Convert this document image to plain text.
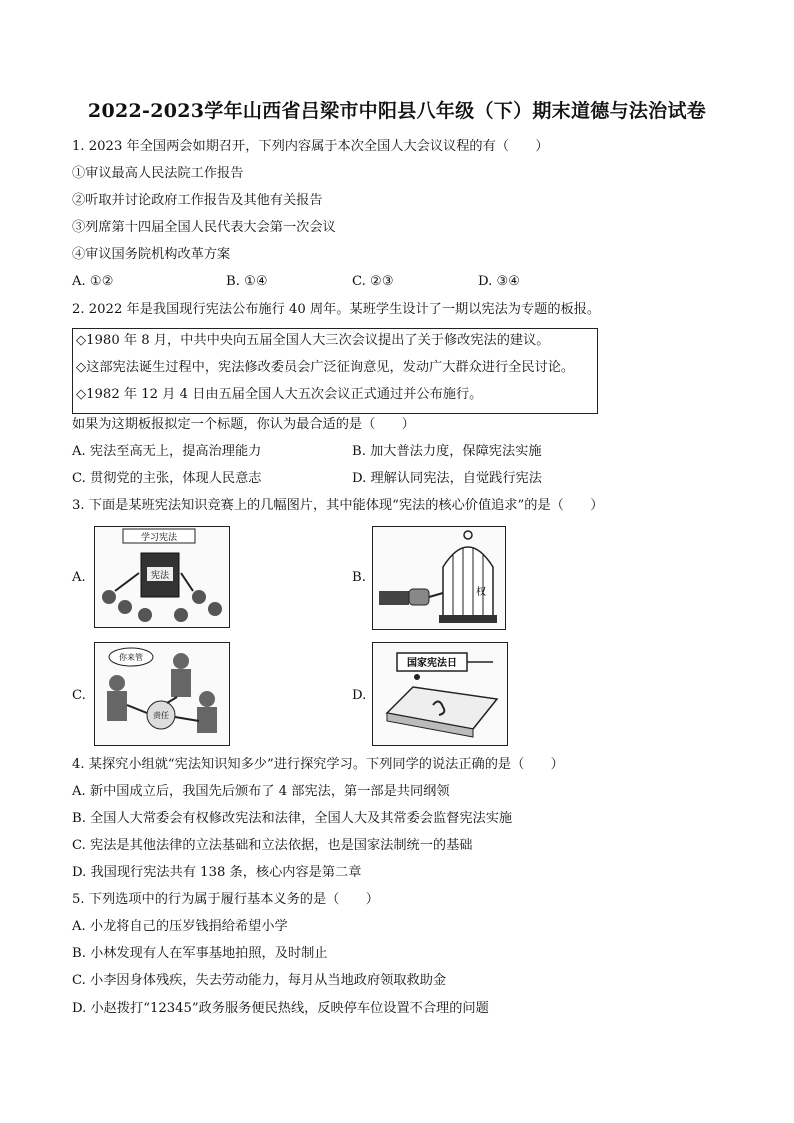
2022-2023学年山西省吕梁市中阳县八年级（下）期末道德与法治试卷
1. 2023 年全国两会如期召开，下列内容属于本次全国人大会议议程的有（　　）
①审议最高人民法院工作报告
②听取并讨论政府工作报告及其他有关报告
③列席第十四届全国人民代表大会第一次会议
④审议国务院机构改革方案
A. ①②	B. ①④	C. ②③	D. ③④
2. 2022 年是我国现行宪法公布施行 40 周年。某班学生设计了一期以宪法为专题的板报。
◇1980 年 8 月，中共中央向五届全国人大三次会议提出了关于修改宪法的建议。
◇这部宪法诞生过程中，宪法修改委员会广泛征询意见，发动广大群众进行全民讨论。
◇1982 年 12 月 4 日由五届全国人大五次会议正式通过并公布施行。
如果为这期板报拟定一个标题，你认为最合适的是（　　）
A. 宪法至高无上，提高治理能力	B. 加大普法力度，保障宪法实施
C. 贯彻党的主张，体现人民意志	D. 理解认同宪法，自觉践行宪法
3. 下面是某班宪法知识竞赛上的几幅图片，其中能体现“宪法的核心价值追求”的是（　　）
A.
学习宪法
宪法	B.
权
C.
你来管
责任
D.
国家宪法日
4. 某探究小组就“宪法知识知多少”进行探究学习。下列同学的说法正确的是（　　）
A. 新中国成立后，我国先后颁布了 4 部宪法，第一部是共同纲领
B. 全国人大常委会有权修改宪法和法律，全国人大及其常委会监督宪法实施
C. 宪法是其他法律的立法基础和立法依据，也是国家法制统一的基础
D. 我国现行宪法共有 138 条，核心内容是第二章
5. 下列选项中的行为属于履行基本义务的是（　　）
A. 小龙将自己的压岁钱捐给希望小学
B. 小林发现有人在军事基地拍照，及时制止
C. 小李因身体残疾，失去劳动能力，每月从当地政府领取救助金
D. 小赵拨打“12345”政务服务便民热线，反映停车位设置不合理的问题
